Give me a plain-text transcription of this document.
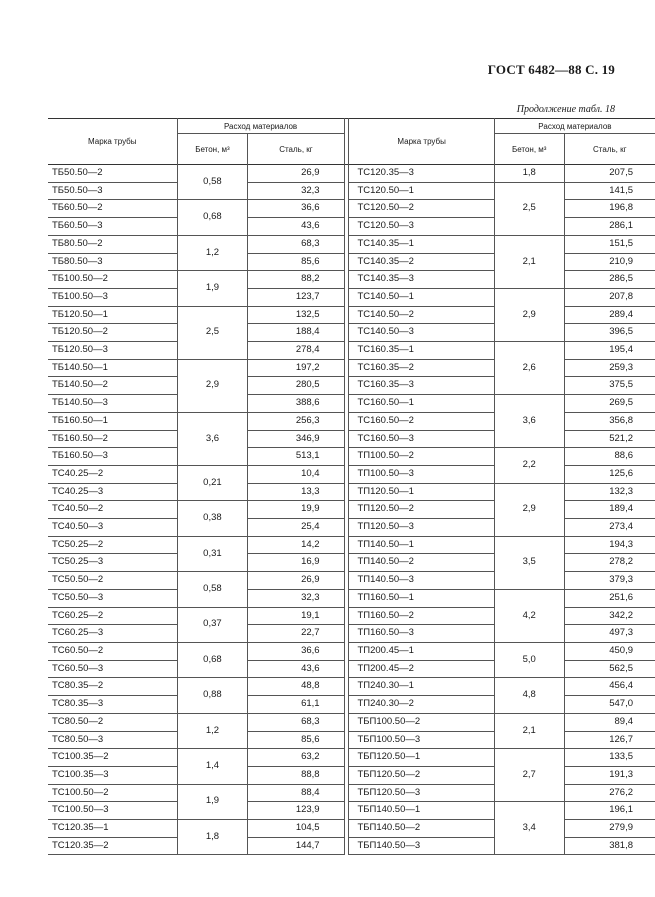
ГОСТ 6482—88 С. 19
Продолжение табл. 18
Марка трубы	Расход материалов			Марка трубы	Расход материалов	
	Бетон, м³	Сталь, кг			Бетон, м³	Сталь, кг
ТБ50.50—2	0,58	26,9		ТС120.35—3	1,8	207,5
ТБ50.50—3		32,3		ТС120.50—1	2,5	141,5
ТБ60.50—2	0,68	36,6		ТС120.50—2		196,8
ТБ60.50—3		43,6		ТС120.50—3		286,1
ТБ80.50—2	1,2	68,3		ТС140.35—1	2,1	151,5
ТБ80.50—3		85,6		ТС140.35—2		210,9
ТБ100.50—2	1,9	88,2		ТС140.35—3		286,5
ТБ100.50—3		123,7		ТС140.50—1	2,9	207,8
ТБ120.50—1	2,5	132,5		ТС140.50—2		289,4
ТБ120.50—2		188,4		ТС140.50—3		396,5
ТБ120.50—3		278,4		ТС160.35—1	2,6	195,4
ТБ140.50—1	2,9	197,2		ТС160.35—2		259,3
ТБ140.50—2		280,5		ТС160.35—3		375,5
ТБ140.50—3		388,6		ТС160.50—1	3,6	269,5
ТБ160.50—1	3,6	256,3		ТС160.50—2		356,8
ТБ160.50—2		346,9		ТС160.50—3		521,2
ТБ160.50—3		513,1		ТП100.50—2	2,2	88,6
ТС40.25—2	0,21	10,4		ТП100.50—3		125,6
ТС40.25—3		13,3		ТП120.50—1	2,9	132,3
ТС40.50—2	0,38	19,9		ТП120.50—2		189,4
ТС40.50—3		25,4		ТП120.50—3		273,4
ТС50.25—2	0,31	14,2		ТП140.50—1	3,5	194,3
ТС50.25—3		16,9		ТП140.50—2		278,2
ТС50.50—2	0,58	26,9		ТП140.50—3		379,3
ТС50.50—3		32,3		ТП160.50—1	4,2	251,6
ТС60.25—2	0,37	19,1		ТП160.50—2		342,2
ТС60.25—3		22,7		ТП160.50—3		497,3
ТС60.50—2	0,68	36,6		ТП200.45—1	5,0	450,9
ТС60.50—3		43,6		ТП200.45—2		562,5
ТС80.35—2	0,88	48,8		ТП240.30—1	4,8	456,4
ТС80.35—3		61,1		ТП240.30—2		547,0
ТС80.50—2	1,2	68,3		ТБП100.50—2	2,1	89,4
ТС80.50—3		85,6		ТБП100.50—3		126,7
ТС100.35—2	1,4	63,2		ТБП120.50—1	2,7	133,5
ТС100.35—3		88,8		ТБП120.50—2		191,3
ТС100.50—2	1,9	88,4		ТБП120.50—3		276,2
ТС100.50—3		123,9		ТБП140.50—1	3,4	196,1
ТС120.35—1	1,8	104,5		ТБП140.50—2		279,9
ТС120.35—2		144,7		ТБП140.50—3		381,8
